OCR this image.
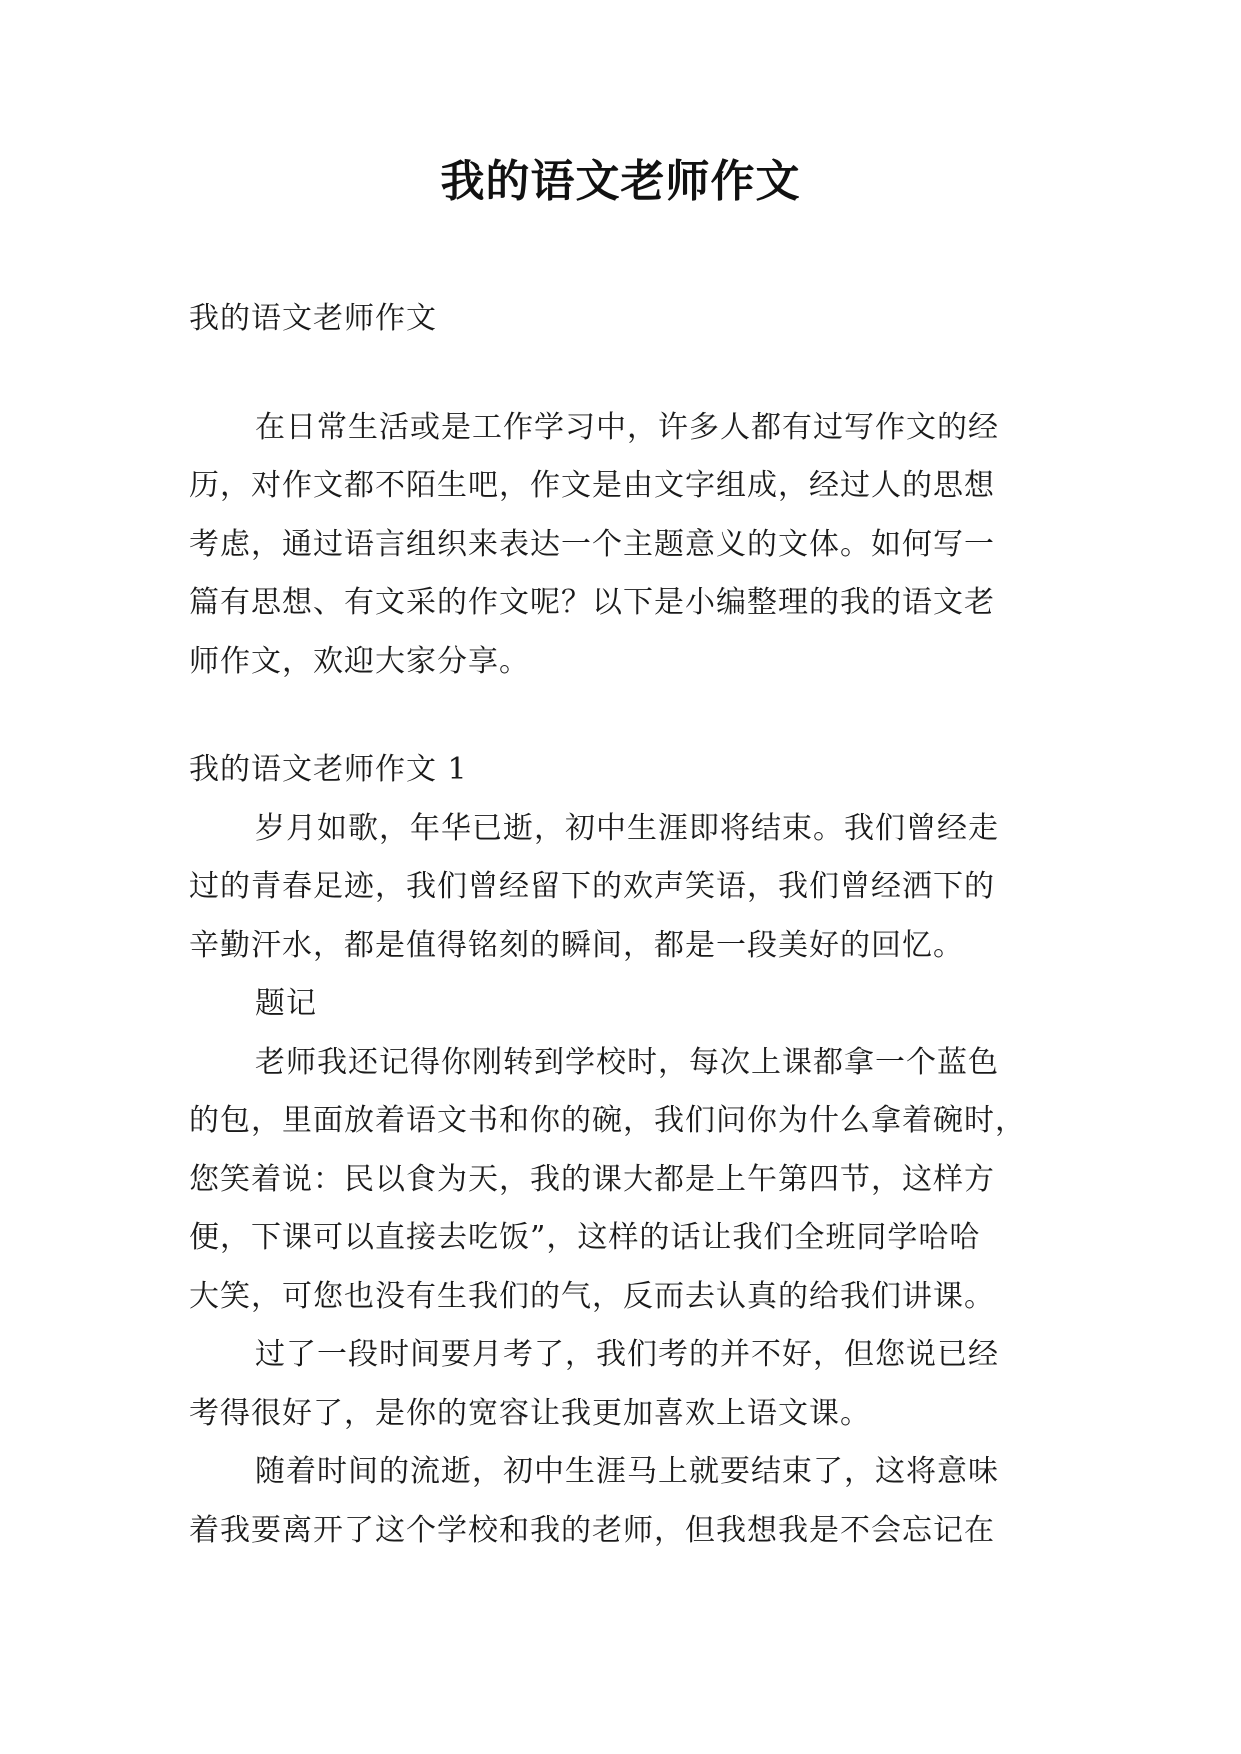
我的语文老师作文
我的语文老师作文
在日常生活或是工作学习中，许多人都有过写作文的经
历，对作文都不陌生吧，作文是由文字组成，经过人的思想
考虑，通过语言组织来表达一个主题意义的文体。如何写一
篇有思想、有文采的作文呢？以下是小编整理的我的语文老
师作文，欢迎大家分享。
我的语文老师作文 1
岁月如歌，年华已逝，初中生涯即将结束。我们曾经走
过的青春足迹，我们曾经留下的欢声笑语，我们曾经洒下的
辛勤汗水，都是值得铭刻的瞬间，都是一段美好的回忆。
题记
老师我还记得你刚转到学校时，每次上课都拿一个蓝色
的包，里面放着语文书和你的碗，我们问你为什么拿着碗时，
您笑着说：民以食为天，我的课大都是上午第四节，这样方
便，下课可以直接去吃饭”，这样的话让我们全班同学哈哈
大笑，可您也没有生我们的气，反而去认真的给我们讲课。
过了一段时间要月考了，我们考的并不好，但您说已经
考得很好了，是你的宽容让我更加喜欢上语文课。
随着时间的流逝，初中生涯马上就要结束了，这将意味
着我要离开了这个学校和我的老师，但我想我是不会忘记在
